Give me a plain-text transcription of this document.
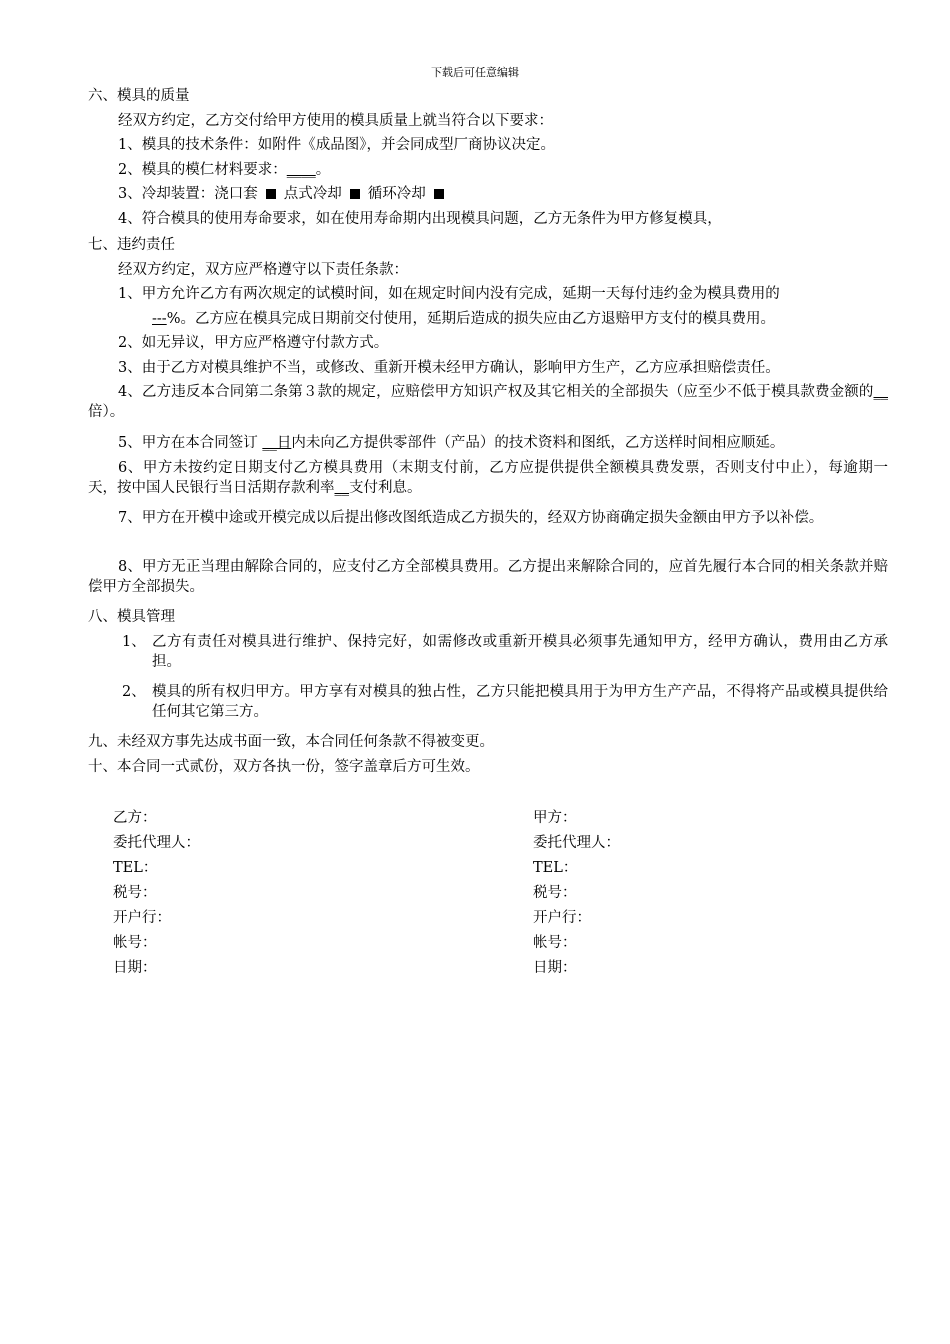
下载后可任意编辑
六、模具的质量
经双方约定，乙方交付给甲方使用的模具质量上就当符合以下要求：
1、模具的技术条件：如附件《成品图》，并会同成型厂商协议决定。
2、模具的模仁材料要求：____。
3、冷却装置：浇口套 点式冷却 循环冷却
4、符合模具的使用寿命要求，如在使用寿命期内出现模具问题，乙方无条件为甲方修复模具，
七、违约责任
经双方约定，双方应严格遵守以下责任条款：
1、甲方允许乙方有两次规定的试模时间，如在规定时间内没有完成，延期一天每付违约金为模具费用的
---%。乙方应在模具完成日期前交付使用，延期后造成的损失应由乙方退赔甲方支付的模具费用。
2、如无异议，甲方应严格遵守付款方式。
3、由于乙方对模具维护不当，或修改、重新开模未经甲方确认，影响甲方生产，乙方应承担赔偿责任。
4、乙方违反本合同第二条第３款的规定，应赔偿甲方知识产权及其它相关的全部损失（应至少不低于模具款费金额的__倍）。
5、甲方在本合同签订 __日内未向乙方提供零部件（产品）的技术资料和图纸，乙方送样时间相应顺延。
6、甲方未按约定日期支付乙方模具费用（末期支付前，乙方应提供提供全额模具费发票，否则支付中止），每逾期一天，按中国人民银行当日活期存款利率__支付利息。
7、甲方在开模中途或开模完成以后提出修改图纸造成乙方损失的，经双方协商确定损失金额由甲方予以补偿。
8、甲方无正当理由解除合同的，应支付乙方全部模具费用。乙方提出来解除合同的，应首先履行本合同的相关条款并赔偿甲方全部损失。
八、模具管理
1、 乙方有责任对模具进行维护、保持完好，如需修改或重新开模具必须事先通知甲方，经甲方确认，费用由乙方承担。
2、 模具的所有权归甲方。甲方享有对模具的独占性，乙方只能把模具用于为甲方生产产品，不得将产品或模具提供给任何其它第三方。
九、未经双方事先达成书面一致，本合同任何条款不得被变更。
十、本合同一式贰份，双方各执一份，签字盖章后方可生效。
乙方：
委托代理人：
TEL：
税号：
开户行：
帐号：
日期：
甲方：
委托代理人：
TEL：
税号：
开户行：
帐号：
日期：
